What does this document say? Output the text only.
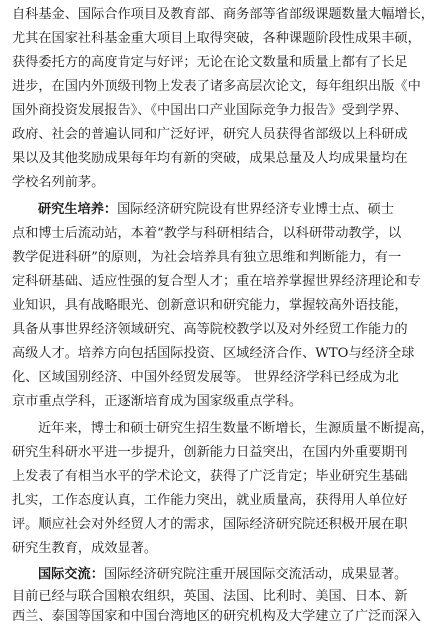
自科基金、国际合作项目及教育部、商务部等省部级课题数量大幅增长，
尤其在国家社科基金重大项目上取得突破，各种课题阶段性成果丰硕，
获得委托方的高度肯定与好评；无论在论文数量和质量上都有了长足
进步，在国内外顶级刊物上发表了诸多高层次论文，每年组织出版《中
国外商投资发展报告》、《中国出口产业国际竞争力报告》受到学界、
政府、社会的普遍认同和广泛好评，研究人员获得省部级以上科研成
果以及其他奖励成果每年均有新的突破，成果总量及人均成果量均在
学校名列前茅。
研究生培养：国际经济研究院设有世界经济专业博士点、硕士
点和博士后流动站，本着“教学与科研相结合，以科研带动教学，以
教学促进科研”的原则，为社会培养具有独立思维和判断能力，有一
定科研基础、适应性强的复合型人才；重在培养掌握世界经济理论和专
业知识，具有战略眼光、创新意识和研究能力，掌握较高外语技能，
具备从事世界经济领域研究、高等院校教学以及对外经贸工作能力的
高级人才。培养方向包括国际投资、区域经济合作、WTO与经济全球
化、区域国别经济、中国外经贸发展等。 世界经济学科已经成为北
京市重点学科，正逐渐培育成为国家级重点学科。
近年来，博士和硕士研究生招生数量不断增长，生源质量不断提高，
研究生科研水平进一步提升，创新能力日益突出，在国内外重要期刊
上发表了有相当水平的学术论文，获得了广泛肯定；毕业研究生基础
扎实，工作态度认真，工作能力突出，就业质量高，获得用人单位好
评。顺应社会对外经贸人才的需求，国际经济研究院还积极开展在职
研究生教育，成效显著。
国际交流：国际经济研究院注重开展国际交流活动，成果显著。
目前已经与联合国粮农组织，英国、法国、比利时、美国、日本、新
西兰、泰国等国家和中国台湾地区的研究机构及大学建立了广泛而深入
